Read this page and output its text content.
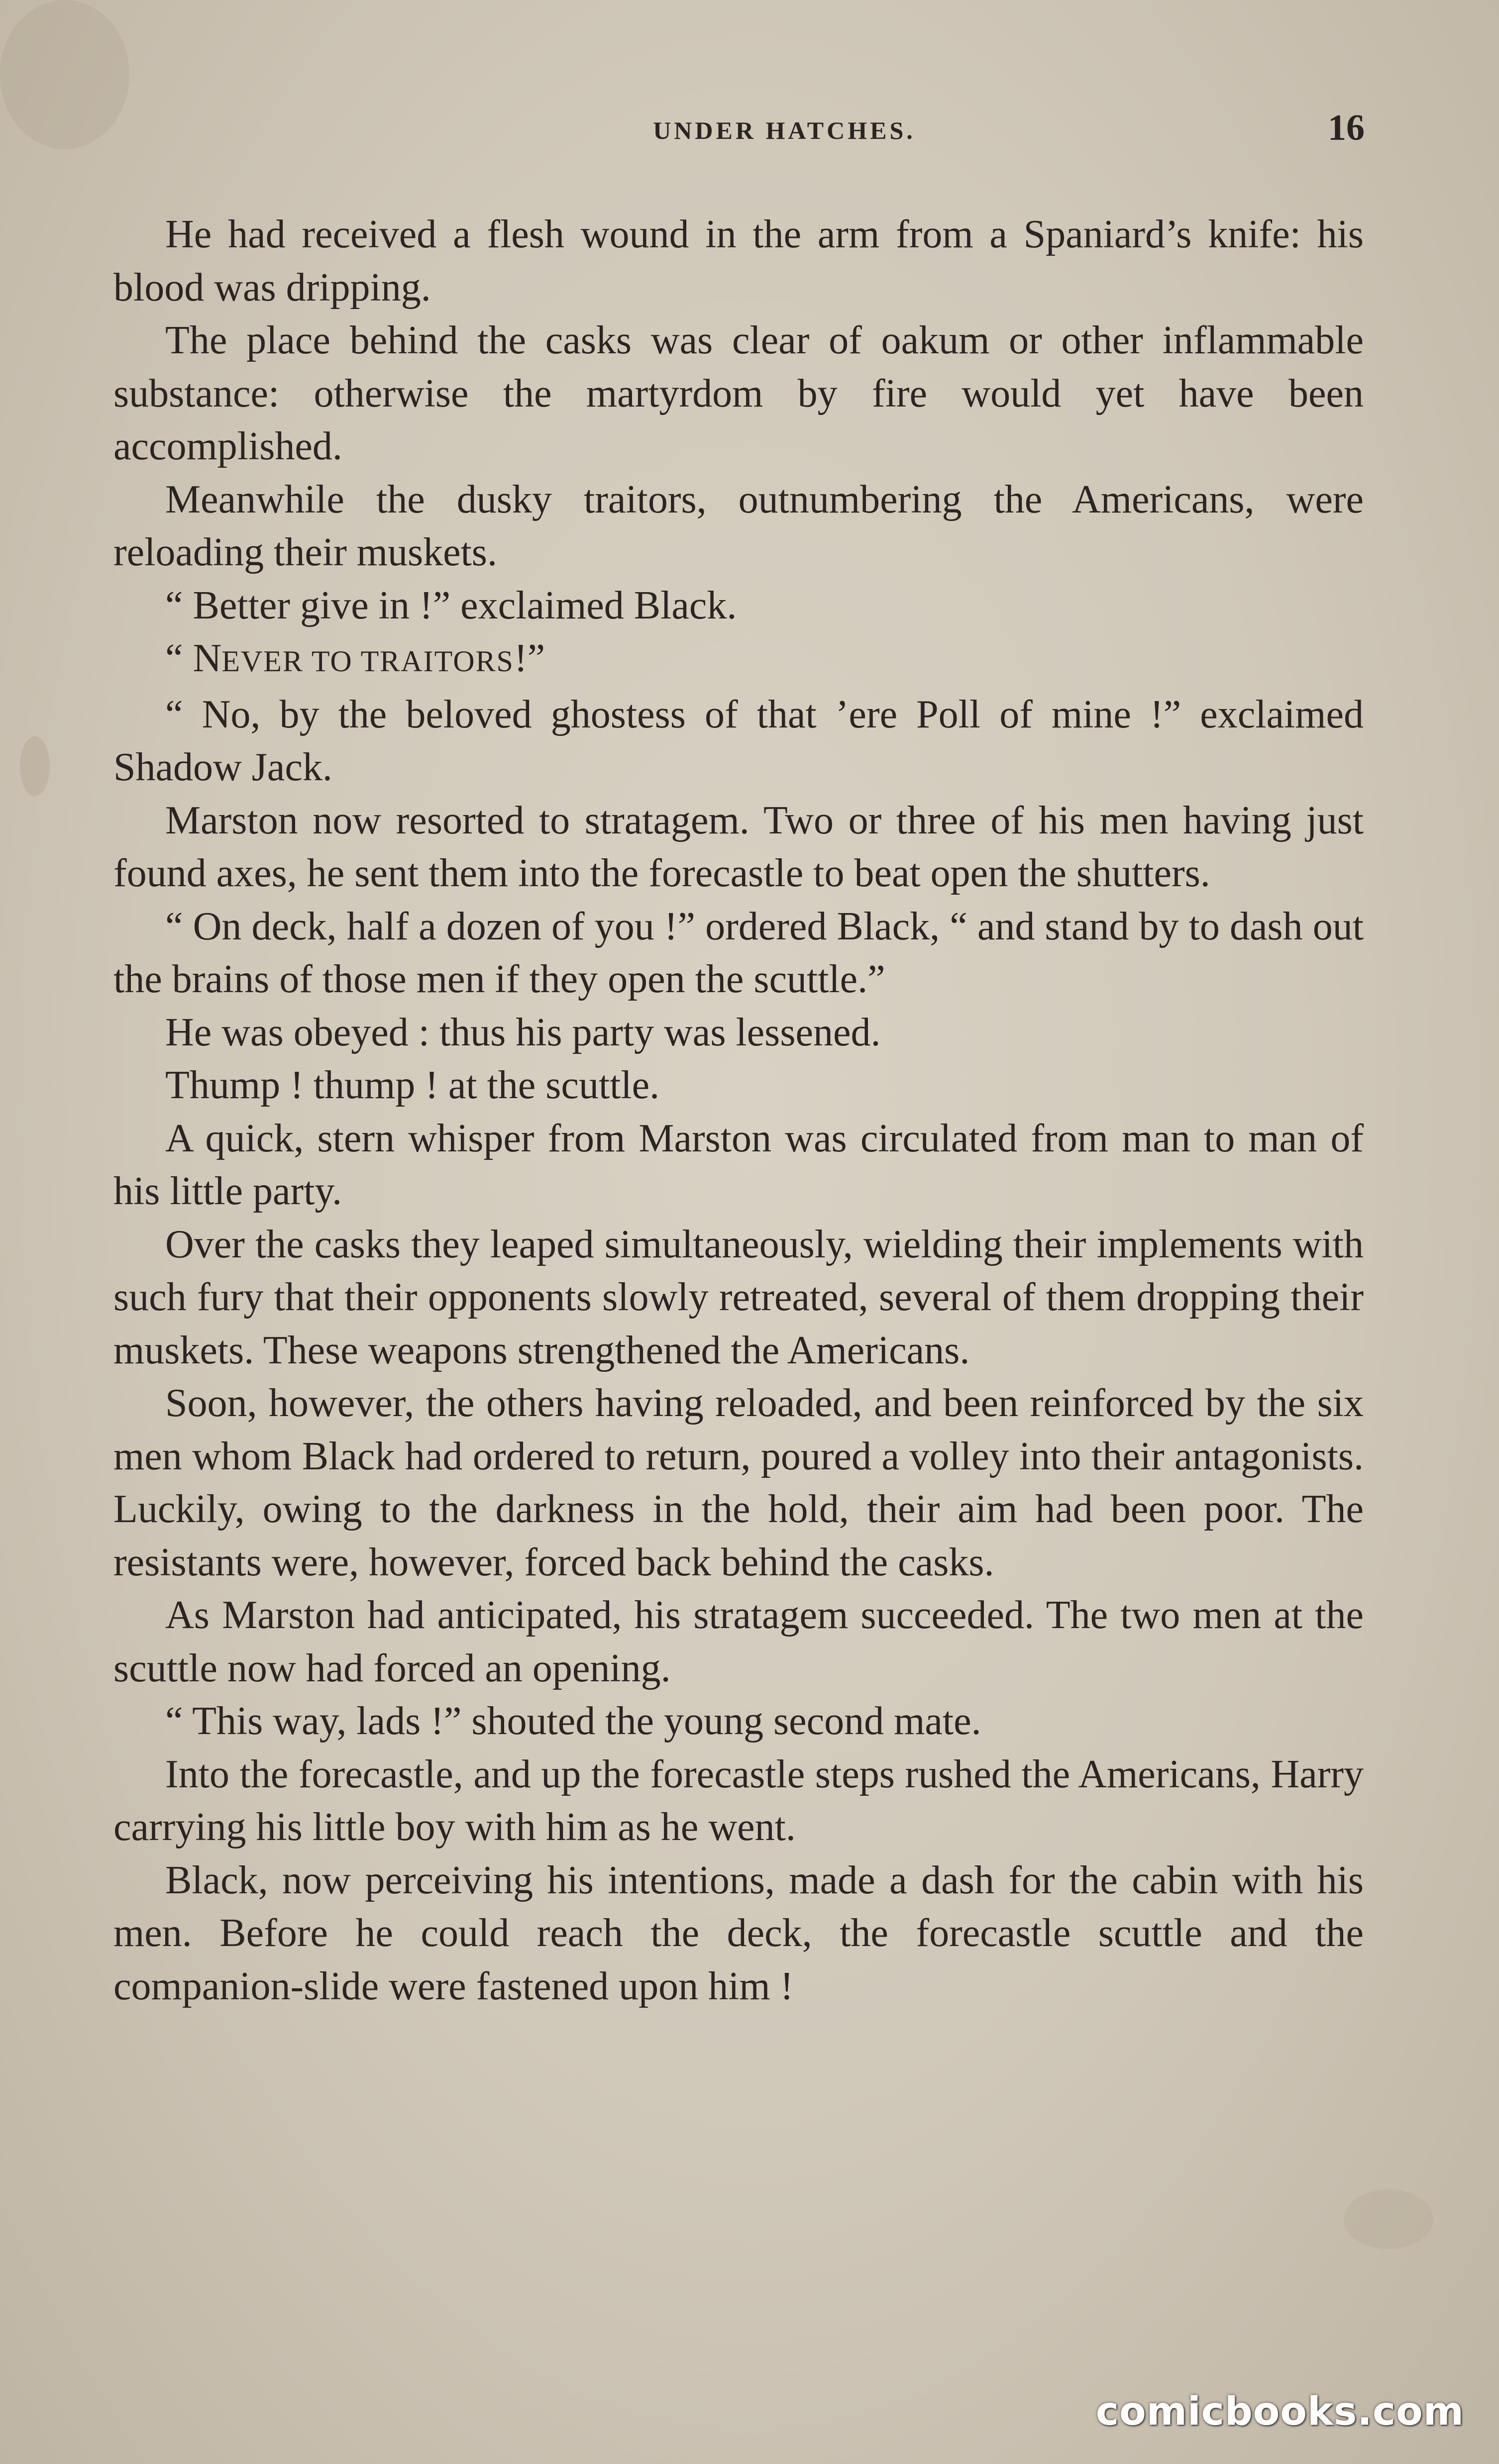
UNDER HATCHES.	16

He had received a flesh wound in the arm from a Spaniard’s knife: his blood was dripping.

The place behind the casks was clear of oakum or other inflammable substance: otherwise the martyrdom by fire would yet have been accomplished.

Meanwhile the dusky traitors, outnumbering the Americans, were reloading their muskets.

“ Better give in !” exclaimed Black.

“ NEVER TO TRAITORS!”

“ No, by the beloved ghostess of that ’ere Poll of mine !” exclaimed Shadow Jack.

Marston now resorted to stratagem. Two or three of his men having just found axes, he sent them into the forecastle to beat open the shutters.

“ On deck, half a dozen of you !” ordered Black, “ and stand by to dash out the brains of those men if they open the scuttle.”

He was obeyed : thus his party was lessened.

Thump ! thump ! at the scuttle.

A quick, stern whisper from Marston was circulated from man to man of his little party.

Over the casks they leaped simultaneously, wielding their implements with such fury that their opponents slowly retreated, several of them dropping their muskets. These weapons strengthened the Americans.

Soon, however, the others having reloaded, and been reinforced by the six men whom Black had ordered to return, poured a volley into their antagonists. Luckily, owing to the darkness in the hold, their aim had been poor. The resistants were, however, forced back behind the casks.

As Marston had anticipated, his stratagem succeeded. The two men at the scuttle now had forced an opening.

“ This way, lads !” shouted the young second mate.

Into the forecastle, and up the forecastle steps rushed the Americans, Harry carrying his little boy with him as he went.

Black, now perceiving his intentions, made a dash for the cabin with his men. Before he could reach the deck, the forecastle scuttle and the companion-slide were fastened upon him !

comicbooks.com
